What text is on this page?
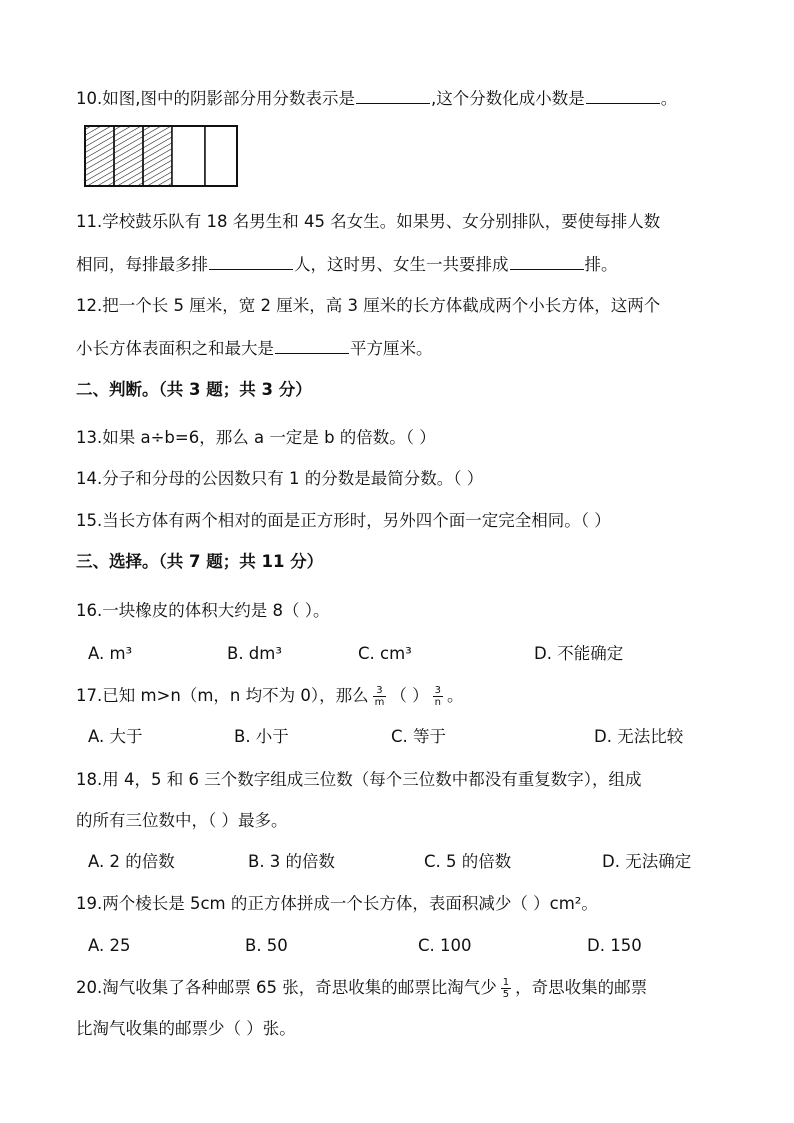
10.如图,图中的阴影部分用分数表示是	,这个分数化成小数是	。
11.学校鼓乐队有 18 名男生和 45 名女生。如果男、女分别排队，要使每排人数
相同，每排最多排	人，这时男、女生一共要排成	排。
12.把一个长 5 厘米，宽 2 厘米，高 3 厘米的长方体截成两个小长方体，这两个
小长方体表面积之和最大是	平方厘米。
二、判断。（共 3 题；共 3 分）
13.如果 a÷b=6，那么 a 一定是 b 的倍数。（ ）
14.分子和分母的公因数只有 1 的分数是最简分数。（ ）
15.当长方体有两个相对的面是正方形时，另外四个面一定完全相同。（ ）
三、选择。（共 7 题；共 11 分）
16.一块橡皮的体积大约是 8（ ）。
A. m³	B. dm³	C. cm³	D. 不能确定
17.已知 m>n（m，n 均不为 0），那么 $\frac{3}{m}$ （ ） $\frac{3}{n}$ 。
A. 大于	B. 小于	C. 等于	D. 无法比较
18.用 4，5 和 6 三个数字组成三位数（每个三位数中都没有重复数字），组成
的所有三位数中，（ ）最多。
A. 2 的倍数	B. 3 的倍数	C. 5 的倍数	D. 无法确定
19.两个棱长是 5cm 的正方体拼成一个长方体，表面积减少（ ）cm²。
A. 25	B. 50	C. 100	D. 150
20.淘气收集了各种邮票 65 张，奇思收集的邮票比淘气少 $\frac{1}{5}$ ，奇思收集的邮票
比淘气收集的邮票少（ ）张。
